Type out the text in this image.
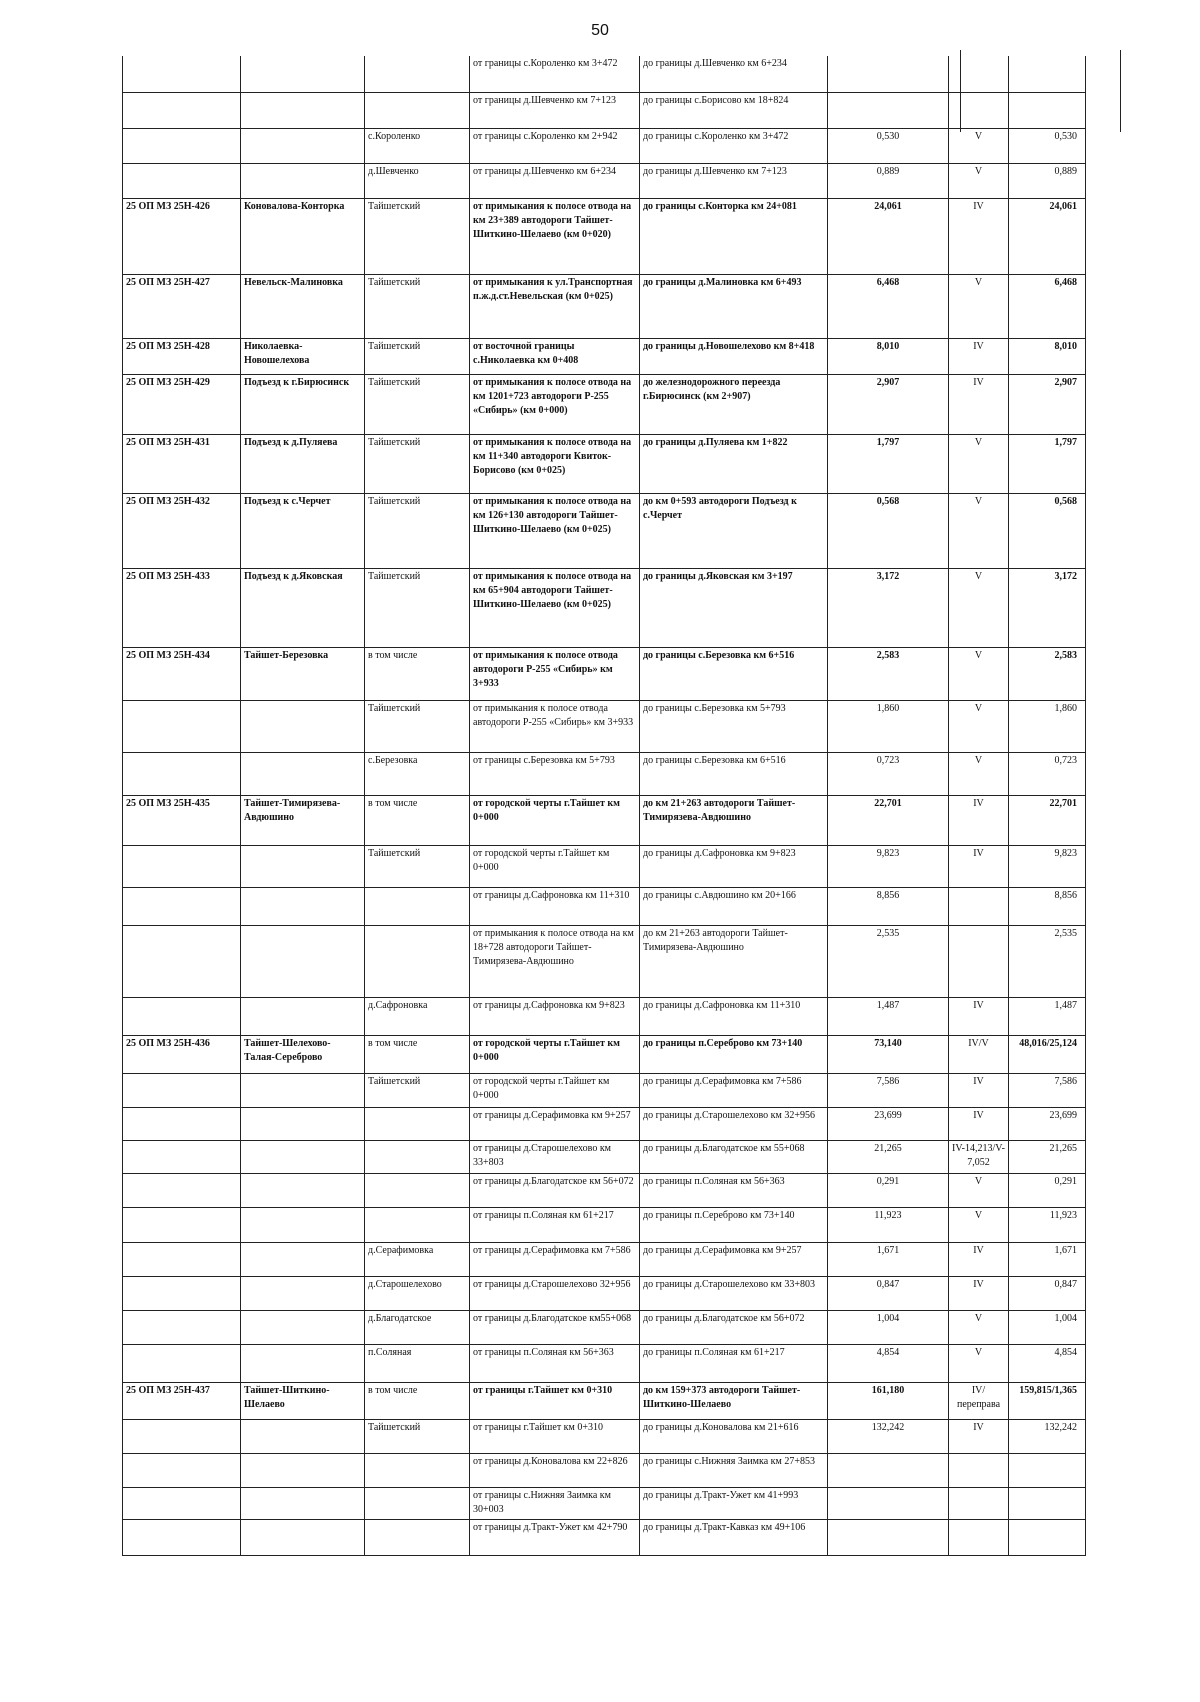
50
			от границы с.Короленко км 3+472	до границы д.Шевченко км 6+234			
			от границы д.Шевченко км 7+123	до границы с.Борисово км 18+824			
		с.Короленко	от границы с.Короленко км 2+942	до границы с.Короленко км 3+472	0,530	V	0,530
		д.Шевченко	от границы д.Шевченко км 6+234	до границы д.Шевченко км 7+123	0,889	V	0,889
25 ОП МЗ 25Н-426	Коновалова-Конторка	Тайшетский	от примыкания к полосе отвода на км 23+389 автодороги Тайшет-Шиткино-Шелаево (км 0+020)	до границы с.Конторка км 24+081	24,061	IV	24,061
25 ОП МЗ 25Н-427	Невельск-Малиновка	Тайшетский	от примыкания к ул.Транспортная п.ж.д.ст.Невельская (км 0+025)	до границы д.Малиновка км 6+493	6,468	V	6,468
25 ОП МЗ 25Н-428	Николаевка-Новошелехова	Тайшетский	от восточной границы с.Николаевка км 0+408	до границы д.Новошелехово км 8+418	8,010	IV	8,010
25 ОП МЗ 25Н-429	Подъезд к г.Бирюсинск	Тайшетский	от примыкания к полосе отвода на км 1201+723 автодороги Р-255 «Сибирь» (км 0+000)	до железнодорожного переезда г.Бирюсинск (км 2+907)	2,907	IV	2,907
25 ОП МЗ 25Н-431	Подъезд к д.Пуляева	Тайшетский	от примыкания к полосе отвода на км 11+340 автодороги Квиток-Борисово (км 0+025)	до границы д.Пуляева км 1+822	1,797	V	1,797
25 ОП МЗ 25Н-432	Подъезд к с.Черчет	Тайшетский	от примыкания к полосе отвода на км 126+130 автодороги Тайшет-Шиткино-Шелаево (км 0+025)	до км 0+593 автодороги Подъезд к с.Черчет	0,568	V	0,568
25 ОП МЗ 25Н-433	Подъезд к д.Яковская	Тайшетский	от примыкания к полосе отвода на км 65+904 автодороги Тайшет-Шиткино-Шелаево (км 0+025)	до границы д.Яковская км 3+197	3,172	V	3,172
25 ОП МЗ 25Н-434	Тайшет-Березовка	в том числе	от примыкания к полосе отвода автодороги Р-255 «Сибирь» км 3+933	до границы с.Березовка км 6+516	2,583	V	2,583
		Тайшетский	от примыкания к полосе отвода автодороги Р-255 «Сибирь» км 3+933	до границы с.Березовка км 5+793	1,860	V	1,860
		с.Березовка	от границы с.Березовка км 5+793	до границы с.Березовка км 6+516	0,723	V	0,723
25 ОП МЗ 25Н-435	Тайшет-Тимирязева-Авдюшино	в том числе	от городской черты г.Тайшет км 0+000	до км 21+263 автодороги Тайшет-Тимирязева-Авдюшино	22,701	IV	22,701
		Тайшетский	от городской черты г.Тайшет км 0+000	до границы д.Сафроновка км 9+823	9,823	IV	9,823
			от границы д.Сафроновка км 11+310	до границы с.Авдюшино км 20+166	8,856		8,856
			от примыкания к полосе отвода на км 18+728 автодороги Тайшет-Тимирязева-Авдюшино	до км 21+263 автодороги Тайшет-Тимирязева-Авдюшино	2,535		2,535
		д.Сафроновка	от границы д.Сафроновка км 9+823	до границы д.Сафроновка км 11+310	1,487	IV	1,487
25 ОП МЗ 25Н-436	Тайшет-Шелехово-Талая-Сереброво	в том числе	от городской черты г.Тайшет км 0+000	до границы п.Сереброво км 73+140	73,140	IV/V	48,016/25,124
		Тайшетский	от городской черты г.Тайшет км 0+000	до границы д.Серафимовка км 7+586	7,586	IV	7,586
			от границы д.Серафимовка км 9+257	до границы д.Старошелехово км 32+956	23,699	IV	23,699
			от границы д.Старошелехово км 33+803	до границы д.Благодатское км 55+068	21,265	IV-14,213/V-7,052	21,265
			от границы д.Благодатское км 56+072	до границы п.Соляная км 56+363	0,291	V	0,291
			от границы п.Соляная км 61+217	до границы п.Сереброво км 73+140	11,923	V	11,923
		д.Серафимовка	от границы д.Серафимовка км 7+586	до границы д.Серафимовка км 9+257	1,671	IV	1,671
		д.Старошелехово	от границы д.Старошелехово 32+956	до границы д.Старошелехово км 33+803	0,847	IV	0,847
		д.Благодатское	от границы д.Благодатское км55+068	до границы д.Благодатское км 56+072	1,004	V	1,004
		п.Соляная	от границы п.Соляная км 56+363	до границы п.Соляная км 61+217	4,854	V	4,854
25 ОП МЗ 25Н-437	Тайшет-Шиткино-Шелаево	в том числе	от границы г.Тайшет км 0+310	до км 159+373 автодороги Тайшет-Шиткино-Шелаево	161,180	IV/переправа	159,815/1,365
		Тайшетский	от границы г.Тайшет км 0+310	до границы д.Коновалова км 21+616	132,242	IV	132,242
			от границы д.Коновалова км 22+826	до границы с.Нижняя Заимка км 27+853			
			от границы с.Нижняя Заимка км 30+003	до границы д.Тракт-Ужет км 41+993			
			от границы д.Тракт-Ужет км 42+790	до границы д.Тракт-Кавказ км 49+106			
